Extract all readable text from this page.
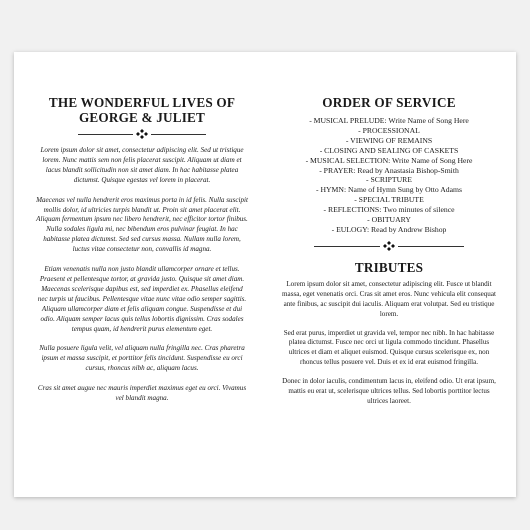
THE WONDERFUL LIVES OF
GEORGE & JULIET

Lorem ipsum dolor sit amet, consectetur adipiscing elit. Sed ut tristique lorem. Nunc mattis sem non felis placerat suscipit. Aliquam ut diam et lacus blandit sollicitudin non sit amet diam. In hac habitasse platea dictumst. Quisque egestas vel lorem in placerat.

Maecenas vel nulla hendrerit eros maximus porta in id felis. Nulla suscipit mollis dolor, id ultricies turpis blandit ut. Proin sit amet placerat elit. Aliquam fermentum ipsum nec libero hendrerit, nec efficitor tortor finibus. Nulla sodales ligula mi, nec bibendum eros pulvinar feugiat. In hac habitasse platea dictumst. Sed sed cursus massa. Nullam nulla lorem, luctus vitae consectetur non, convallis id magna.

Etiam venenatis nulla non justo blandit ullamcorper ornare et tellus. Praesent et pellentesque tortor, at gravida justo. Quisque sit amet diam. Maecenas scelerisque dapibus est, sed imperdiet ex. Phasellus eleifend nec turpis ut faucibus. Pellentesque vitae nunc vitae odio semper sagittis. Aliquam ullamcorper diam et felis aliquam congue. Suspendisse et dui odio. Aliquam semper lacus quis tellus lobortis dignissim. Cras sodales tempus quam, id hendrerit purus elementum eget.

Nulla posuere ligula velit, vel aliquam nulla fringilla nec. Cras pharetra ipsum et massa suscipit, et porttitor felis tincidunt. Suspendisse eu orci cursus, rhoncus nibh ac, aliquam lacus.

Cras sit amet augue nec mauris imperdiet maximus eget eu orci. Vivamus vel blandit magna.

ORDER OF SERVICE
- MUSICAL PRELUDE: Write Name of Song Here
- PROCESSIONAL
- VIEWING OF REMAINS
- CLOSING AND SEALING OF CASKETS
- MUSICAL SELECTION: Write Name of Song Here
- PRAYER: Read by Anastasia Bishop-Smith
- SCRIPTURE
- HYMN: Name of Hymn Sung by Otto Adams
- SPECIAL TRIBUTE
- REFLECTIONS: Two minutes of silence
- OBITUARY
- EULOGY: Read by Andrew Bishop
TRIBUTES

Lorem ipsum dolor sit amet, consectetur adipiscing elit. Fusce ut blandit massa, eget venenatis orci. Cras sit amet eros. Nunc vehicula elit consequat ante finibus, ac suscipit dui iaculis. Aliquam erat volutpat. Sed eu tristique lorem.

Sed erat purus, imperdiet ut gravida vel, tempor nec nibh. In hac habitasse platea dictumst. Fusce nec orci ut ligula commodo tincidunt. Phasellus ultrices et diam et aliquet euismod. Quisque cursus scelerisque ex, non rhoncus tellus posuere vel. Duis et ex id erat euismod fringilla.

Donec in dolor iaculis, condimentum lacus in, eleifend odio. Ut erat ipsum, mattis eu erat ut, scelerisque ultrices tellus. Sed lobortis porttitor lectus ultrices laoreet.
